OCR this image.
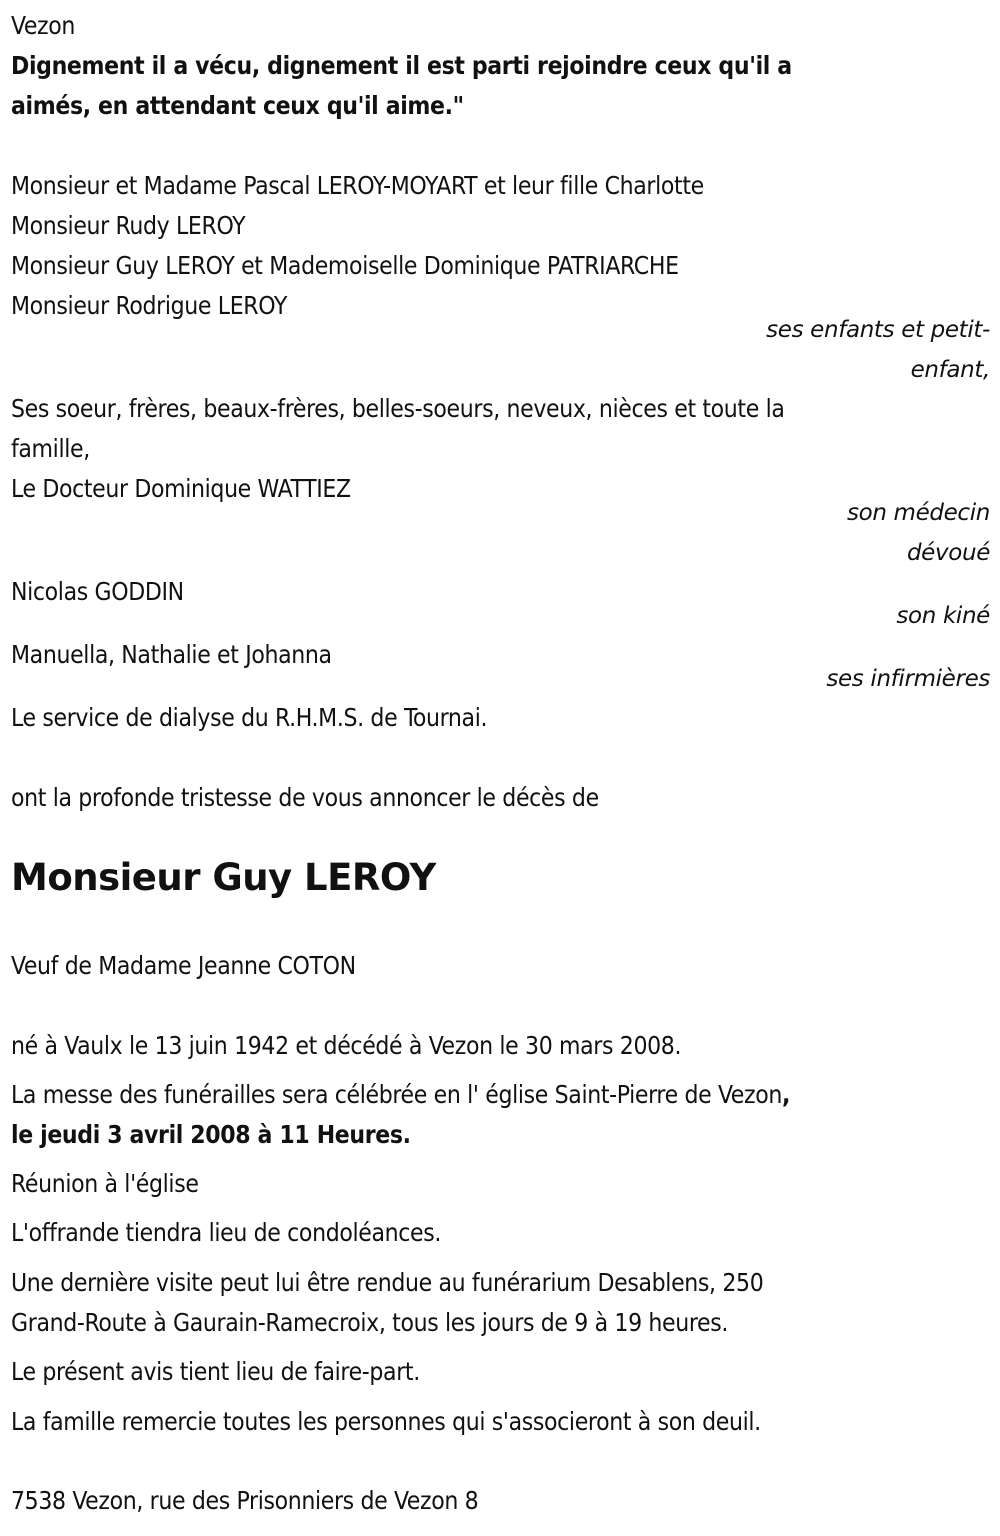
Vezon
Dignement il a vécu, dignement il est parti rejoindre ceux qu'il a
aimés, en attendant ceux qu'il aime."
Monsieur et Madame Pascal LEROY-MOYART et leur fille Charlotte
Monsieur Rudy LEROY
Monsieur Guy LEROY et Mademoiselle Dominique PATRIARCHE
Monsieur Rodrigue LEROY
ses enfants et petit-
enfant,
Ses soeur, frères, beaux-frères, belles-soeurs, neveux, nièces et toute la
famille,
Le Docteur Dominique WATTIEZ
son médecin
dévoué
Nicolas GODDIN
son kiné
Manuella, Nathalie et Johanna
ses infirmières
Le service de dialyse du R.H.M.S. de Tournai.
ont la profonde tristesse de vous annoncer le décès de
Monsieur Guy LEROY
Veuf de Madame Jeanne COTON
né à Vaulx le 13 juin 1942 et décédé à Vezon le 30 mars 2008.
La messe des funérailles sera célébrée en l' église Saint-Pierre de Vezon,
le jeudi 3 avril 2008 à 11 Heures.
Réunion à l'église
L'offrande tiendra lieu de condoléances.
Une dernière visite peut lui être rendue au funérarium Desablens, 250
Grand-Route à Gaurain-Ramecroix, tous les jours de 9 à 19 heures.
Le présent avis tient lieu de faire-part.
La famille remercie toutes les personnes qui s'associeront à son deuil.
7538 Vezon, rue des Prisonniers de Vezon 8
